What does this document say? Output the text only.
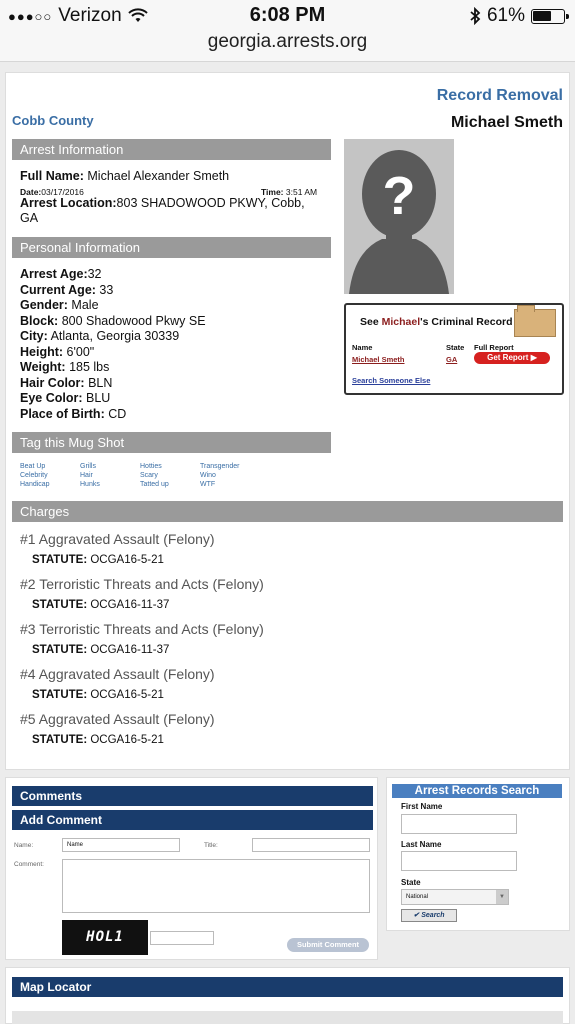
●●●○○ Verizon	6:08 PM	61%
georgia.arrests.org
Cobb County
Record Removal
Michael Smeth
Arrest Information
Full Name: Michael Alexander Smeth
Date:03/17/2016	Time: 3:51 AM
Arrest Location:803 SHADOWOOD PKWY, Cobb, GA
Personal Information
Arrest Age:32
Current Age: 33
Gender: Male
Block: 800 Shadowood Pkwy SE
City: Atlanta, Georgia 30339
Height: 6'00"
Weight: 185 lbs
Hair Color: BLN
Eye Color: BLU
Place of Birth: CD
?
See Michael's Criminal Record
Name	State Full Report
Michael Smeth	GA	Get Report ▶
Search Someone Else
Tag this Mug Shot
Beat Up	Grills	Hotties	Transgender
Celebrity	Hair	Scary	Wino
Handicap	Hunks	Tatted up	WTF
Charges
#1 Aggravated Assault (Felony)
STATUTE: OCGA16-5-21
#2 Terroristic Threats and Acts (Felony)
STATUTE: OCGA16-11-37
#3 Terroristic Threats and Acts (Felony)
STATUTE: OCGA16-11-37
#4 Aggravated Assault (Felony)
STATUTE: OCGA16-5-21
#5 Aggravated Assault (Felony)
STATUTE: OCGA16-5-21
Comments
Add Comment
Name:	Name	Title:
Comment:
HOL1	Submit Comment
Arrest Records Search
First Name
Last Name
State
National	▼
✔ Search
Map Locator
